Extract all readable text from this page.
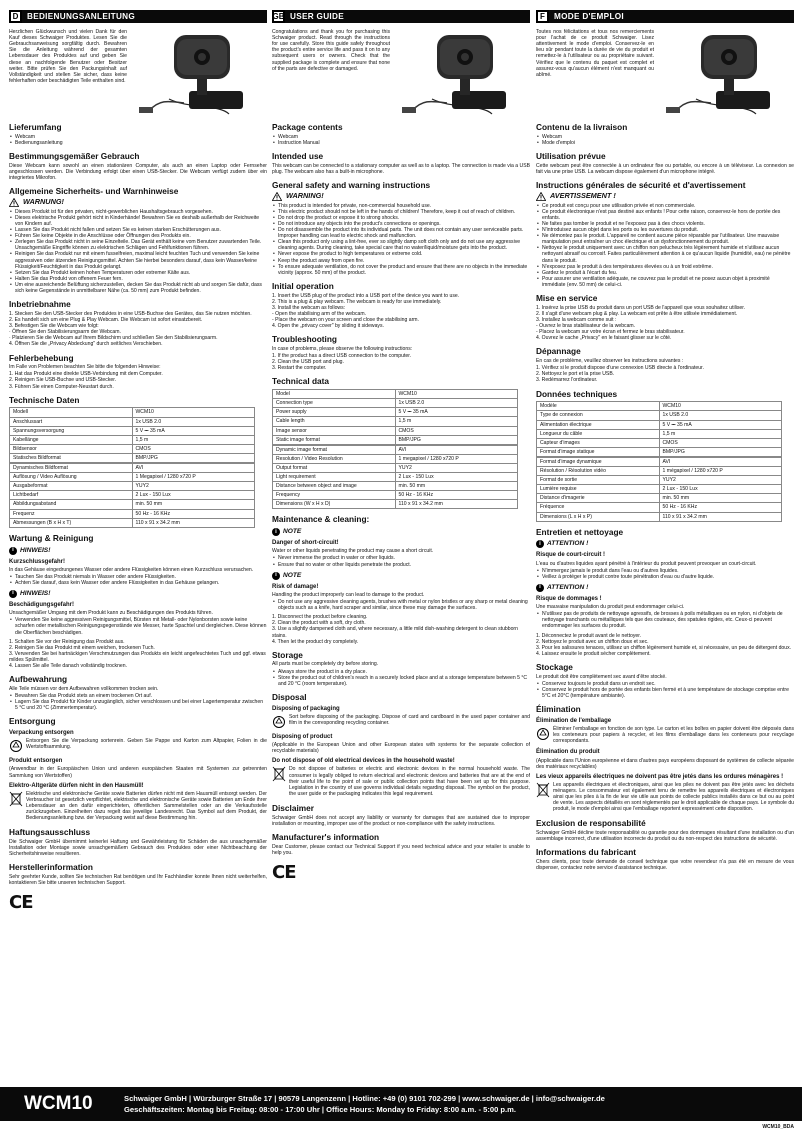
D	BEDIENUNGSANLEITUNG

Herzlichen Glückwunsch und vielen Dank für den Kauf dieses Schwaiger Produktes. Lesen Sie die Gebrauchsanweisung sorgfältig durch. Bewahren Sie die Anleitung während der gesamten Lebensdauer des Produktes auf und geben Sie diese an nachfolgende Benutzer oder Besitzer weiter. Bitte prüfen Sie den Packungsinhalt auf Vollständigkeit und stellen Sie sicher, dass keine fehlerhaften oder beschädigten Teile enthalten sind.

Lieferumfang
• Webcam
• Bedienungsanleitung
Bestimmungsgemäßer Gebrauch

Diese Webcam kann sowohl an einen stationären Computer, als auch an einen Laptop oder Fernseher angeschlossen werden. Die Verbindung erfolgt über einen USB-Stecker. Die Webcam verfügt zudem über ein integriertes Mikrofon.

Allgemeine Sicherheits- und Warnhinweise
WARNUNG!
• Dieses Produkt ist für den privaten, nicht-gewerblichen Haushaltsgebrauch vorgesehen.
• Dieses elektrische Produkt gehört nicht in Kinderhände! Bewahren Sie es deshalb außerhalb der Reichweite von Kindern auf.
• Lassen Sie das Produkt nicht fallen und setzen Sie es keinen starken Erschütterungen aus.
• Führen Sie keine Objekte in die Anschlüsse oder Öffnungen des Produkts ein.
• Zerlegen Sie das Produkt nicht in seine Einzelteile. Das Gerät enthält keine vom Benutzer zuwartenden Teile. Unsachgemäße Eingriffe können zu elektrischen Schlägen und Fehlfunktionen führen.
• Reinigen Sie das Produkt nur mit einem fusselfreien, maximal leicht feuchten Tuch und verwenden Sie keine aggressiven oder ätzenden Reinigungsmittel. Achten Sie hierbei besonders darauf, dass kein Wasser/keine Flüssigkeit/Feuchtigkeit in das Produkt gelangt.
• Setzen Sie das Produkt keinen hohen Temperaturen oder extremer Kälte aus.
• Halten Sie das Produkt von offenem Feuer fern.
• Um eine ausreichende Belüftung sicherzustellen, decken Sie das Produkt nicht ab und sorgen Sie dafür, dass sich keine Gegenstände in unmittelbarer Nähe (ca. 50 mm) zum Produkt befinden.
Inbetriebnahme
1. Stecken Sie den USB-Stecker des Produktes in eine USB-Buchse des Gerätes, das Sie nutzen möchten.
2. Es handelt sich um eine Plug & Play Webcam. Die Webcam ist sofort einsatzbereit.
3. Befestigen Sie die Webcam wie folgt:
· Öffnen Sie den Stabilisierungsarm der Webcam.
· Platzieren Sie die Webcam auf Ihrem Bildschirm und schließen Sie den Stabilisierungsarm.
4. Öffnen Sie die „Privacy Abdeckung" durch seitliches Verschieben.
Fehlerbehebung

Im Falle von Problemen beachten Sie bitte die folgenden Hinweise:

1. Hat das Produkt eine direkte USB-Verbindung mit dem Computer.
2. Reinigen Sie USB-Buchse und USB-Stecker.
3. Führen Sie einen Computer-Neustart durch.
Technische Daten
Modell	WCM10
Anschlussart	1x USB 2.0
Spannungsversorgung	5 V ⎓ 35 mA
Kabellänge	1,5 m
Bildsensor	CMOS
Statisches Bildformat	BMP/JPG
Dynamisches Bildformat	AVI
Auflösung / Video Auflösung	1 Megapixel / 1280 x720 P
Ausgabeformat	YUY2
Lichtbedarf	2 Lux - 150 Lux
Abbildungsabstand	min. 50 mm
Frequenz	50 Hz - 16 KHz
Abmessungen (B x H x T)	110 x 91 x 34.2 mm
Wartung & Reinigung
i HINWEIS!
Kurzschlussgefahr!

In das Gehäuse eingedrungenes Wasser oder andere Flüssigkeiten können einen Kurzschluss verursachen.

• Tauchen Sie das Produkt niemals in Wasser oder andere Flüssigkeiten.
• Achten Sie darauf, dass kein Wasser oder andere Flüssigkeiten in das Gehäuse gelangen.
i HINWEIS!
Beschädigungsgefahr!

Unsachgemäßer Umgang mit dem Produkt kann zu Beschädigungen des Produkts führen.

• Verwenden Sie keine aggressiven Reinigungsmittel, Bürsten mit Metall- oder Nylonborsten sowie keine scharfen oder metallischen Reinigungsgegenstände wie Messer, harte Spachtel und dergleichen. Diese können die Oberflächen beschädigen.
1. Schalten Sie vor der Reinigung das Produkt aus.
2. Reinigen Sie das Produkt mit einem weichen, trockenen Tuch.
3. Verwenden Sie bei hartnäckigen Verschmutzungen das Produkts ein leicht angefeuchtetes Tuch und ggf. etwas mildes Spülmittel.
4. Lassen Sie alle Teile danach vollständig trocknen.
Aufbewahrung

Alle Teile müssen vor dem Aufbewahren vollkommen trocken sein.

• Bewahren Sie das Produkt stets an einem trockenen Ort auf.
• Lagern Sie das Produkt für Kinder unzugänglich, sicher verschlossen und bei einer Lagertemperatur zwischen 5 °C und 20 °C (Zimmertemperatur).
Entsorgung
Verpackung entsorgen

Entsorgen Sie die Verpackung sortenrein. Geben Sie Pappe und Karton zum Altpapier, Folien in die Wertstoffsammlung.

Produkt entsorgen

(Anwendbar in der Europäischen Union und anderen europäischen Staaten mit Systemen zur getrennten Sammlung von Wertstoffen)

Elektro-Altgeräte dürfen nicht in den Hausmüll!

Elektrische und elektronische Geräte sowie Batterien dürfen nicht mit dem Hausmüll entsorgt werden. Der Verbraucher ist gesetzlich verpflichtet, elektrische und elektronische Geräte sowie Batterien am Ende ihrer Lebensdauer an den dafür eingerichteten, öffentlichen Sammelstellen oder an die Verkaufsstelle zurückzugeben. Einzelheiten dazu regelt das jeweilige Landesrecht. Das Symbol auf dem Produkt, der Bedienungsanleitung bzw. der Verpackung weist auf diese Bestimmung hin.

Haftungsausschluss

Die Schwaiger GmbH übernimmt keinerlei Haftung und Gewährleistung für Schäden die aus unsachgemäßer Installation oder Montage sowie unsachgemäßem Gebrauch des Produktes oder einer Nichtbeachtung der Sicherheitshinweise resultieren.

Herstellerinformation

Sehr geehrter Kunde, sollten Sie technischen Rat benötigen und Ihr Fachhändler konnte Ihnen nicht weiterhelfen, kontaktieren Sie bitte unseren technischen Support.

CE
GB USER GUIDE

Congratulations and thank you for purchasing this Schwaiger product. Read through the instructions for use carefully. Store this guide safely throughout the product's entire service life and pass it on to any subsequent users or owners. Check that the supplied package is complete and ensure that none of the parts are defective or damaged.

Package contents
• Webcam
• Instruction Manual
Intended use

This webcam can be connected to a stationary computer as well as to a laptop. The connection is made via a USB plug. The webcam also has a built-in microphone.

General safety and warning instructions
WARNING!
• This product is intended for private, non-commercial household use.
• This electric product should not be left in the hands of children! Therefore, keep it out of reach of children.
• Do not drop the product or expose it to strong shocks.
• Do not introduce any objects into the product's connections or openings.
• Do not disassemble the product into its individual parts. The unit does not contain any user serviceable parts. Improper handling can lead to electric shock and malfunction.
• Clean this product only using a lint-free, ever so slightly damp soft cloth only and do not use any aggressive cleaning agents. During cleaning, take special care that no water/liquid/moisture gets into the product.
• Never expose the product to high temperatures or extreme cold.
• Keep the product away from open fire.
• To ensure adequate ventilation, do not cover the product and ensure that there are no objects in the immediate vicinity (approx. 50 mm) of the product.
Initial operation
1. Insert the USB plug of the product into a USB port of the device you want to use.
2. This is a plug & play webcam. The webcam is ready for use immediately.
3. Install the webcam as follows:
- Open the stabilising arm of the webcam.
- Place the webcam on your screen and close the stabilising arm.
4. Open the „privacy cover" by sliding it sideways.
Troubleshooting

In case of problems, please observe the following instructions:

1. If the product has a direct USB connection to the computer.
2. Clean the USB port and plug.
3. Restart the computer.
Technical data
Model	WCM10
Connection type	1x USB 2.0
Power supply	5 V ⎓ 35 mA
Cable length	1,5 m
Image sensor	CMOS
Static image format	BMP/JPG
Dynamic image format	AVI
Resolution / Video Resolution	1 megapixel / 1280 x720 P
Output format	YUY2
Light requirement	2 Lux - 150 Lux
Distance between object and image	min. 50 mm
Frequency	50 Hz - 16 KHz
Dimensions (W x H x D)	110 x 91 x 34.2 mm
Maintenance & cleaning:
i NOTE
Danger of short-circuit!

Water or other liquids penetrating the product may cause a short circuit.

• Never immerse the product in water or other liquids.
• Ensure that no water or other liquids penetrate the product.
i NOTE
Risk of damage!

Handling the product improperly can lead to damage to the product.

• Do not use any aggressive cleaning agents, brushes with metal or nylon bristles or any sharp or metal cleaning objects such as a knife, hard scraper and similar, since these may damage the surfaces.
1. Disconnect the product before cleaning.
2. Clean the product with a soft, dry cloth.
3. Use a slightly dampened cloth and, where necessary, a little mild dish-washing detergent to clean stubborn stains.
4. Then let the product dry completely.
Storage

All parts must be completely dry before storing.

• Always store the product in a dry place.
• Store the product out of children's reach in a securely locked place and at a storage temperature between 5 °C and 20 °C (room temperature).
Disposal
Disposing of packaging

Sort before disposing of the packaging. Dispose of card and cardboard in the used paper container and film in the corresponding recycling container.

Disposing of product

(Applicable in the European Union and other European states with systems for the separate collection of recyclable materials)

Do not dispose of old electrical devices in the household waste!

Do not dispose of batteries or electric and electronic devices in the normal household waste. The consumer is legally obliged to return electrical and electronic devices and batteries that are at the end of their useful life to the point of sale or public collection points that have been set up for this purpose. Legislation in the country of use governs individual details regarding disposal. The symbol on the product, the user guide or the packaging indicates this legal requirement.

Disclaimer

Schwaiger GmbH does not accept any liability or warranty for damages that are sustained due to improper installation or mounting, improper use of the product or non-compliance with the safety instructions.

Manufacturer's information

Dear Customer, please contact our Technical Support if you need technical advice and your retailer is unable to help you.

CE
F	MODE D'EMPLOI

Toutes nos félicitations et tous nos remerciements pour l'achat de ce produit Schwaiger. Lisez attentivement le mode d'emploi. Conservez-le en lieu sûr pendant toute la durée de vie du produit et remettez-le à l'utilisateur ou au propriétaire suivant. Vérifiez que le contenu du paquet est complet et assurez-vous qu'aucun élément n'est manquant ou abîmé.

Contenu de la livraison
• Webcam
• Mode d'emploi
Utilisation prévue

Cette webcam peut être connectée à un ordinateur fixe ou portable, ou encore à un téléviseur. La connexion se fait via une prise USB. La webcam dispose également d'un microphone intégré.

Instructions générales de sécurité et d'avertissement
AVERTISSEMENT !
• Ce produit est conçu pour une utilisation privée et non commerciale.
• Ce produit électronique n'est pas destiné aux enfants ! Pour cette raison, conservez-le hors de portée des enfants.
• Ne faites pas tomber le produit et ne l'exposez pas à des chocs violents.
• N'introduisez aucun objet dans les ports ou les ouvertures du produit.
• Ne démontez pas le produit. L'appareil ne contient aucune pièce réparable par l'utilisateur. Une mauvaise manipulation peut entraîner un choc électrique et un dysfonctionnement du produit.
• Nettoyez le produit uniquement avec un chiffon non pelucheux très légèrement humide et n'utilisez aucun nettoyant abrasif ou corrosif. Faites particulièrement attention à ce qu'aucun liquide (humidité, eau) ne pénètre dans le produit.
• N'exposez pas le produit à des températures élevées ou à un froid extrême.
• Gardez le produit à l'écart du feu.
• Pour assurer une ventilation adéquate, ne couvrez pas le produit et ne posez aucun objet à proximité immédiate (env. 50 mm) de celui-ci.
Mise en service
1. Insérez la prise USB du produit dans un port USB de l'appareil que vous souhaitez utiliser.
2. Il s'agit d'une webcam plug & play. La webcam est prête à être utilisée immédiatement.
3. Installez la webcam comme suit :
- Ouvrez le bras stabilisateur de la webcam.
- Placez la webcam sur votre écran et fermez le bras stabilisateur.
4. Ouvrez le cache „Privacy" en le faisant glisser sur le côté.
Dépannage

En cas de problème, veuillez observer les instructions suivantes :

1. Vérifiez si le produit dispose d'une connexion USB directe à l'ordinateur.
2. Nettoyez le port et la prise USB.
3. Redémarrez l'ordinateur.
Données techniques
Modèle	WCM10
Type de connexion	1x USB 2.0
Alimentation électrique	5 V ⎓ 35 mA
Longueur du câble	1,5 m
Capteur d'images	CMOS
Format d'image statique	BMP/JPG
Format d'image dynamique	AVI
Résolution / Résolution vidéo	1 mégapixel / 1280 x720 P
Format de sortie	YUY2
Lumière requise	2 Lux - 150 Lux
Distance d'imagerie	min. 50 mm
Fréquence	50 Hz - 16 KHz
Dimensions (L x H x P)	110 x 91 x 34.2 mm
Entretien et nettoyage
i ATTENTION !
Risque de court-circuit !

L'eau ou d'autres liquides ayant pénétré à l'intérieur du produit peuvent provoquer un court-circuit.

• N'immergez jamais le produit dans l'eau ou d'autres liquides.
• Veillez à protéger le produit contre toute pénétration d'eau ou d'autre liquide.
i ATTENTION !
Risque de dommages !

Une mauvaise manipulation du produit peut endommager celui-ci.

• N'utilisez pas de produits de nettoyage agressifs, de brosses à poils métalliques ou en nylon, ni d'objets de nettoyage tranchants ou métalliques tels que des couteaux, des spatules rigides, etc. Ceux-ci peuvent endommager les surfaces du produit.
1. Déconnectez le produit avant de le nettoyer.
2. Nettoyez le produit avec un chiffon doux et sec.
3. Pour les salissures tenaces, utilisez un chiffon légèrement humide et, si nécessaire, un peu de détergent doux.
4. Laissez ensuite le produit sécher complètement.
Stockage

Le produit doit être complètement sec avant d'être stocké.

• Conservez toujours le produit dans un endroit sec.
• Conservez le produit hors de portée des enfants bien fermé et à une température de stockage comprise entre 5°C et 20°C (température ambiante).
Élimination
Élimination de l'emballage

Éliminer l'emballage en fonction de son type. Le carton et les boîtes en papier doivent être déposés dans les conteneurs pour papiers à recycler, et les films d'emballage dans les conteneurs pour recyclage correspondants.

Élimination du produit

(Applicable dans l'Union européenne et dans d'autres pays européens disposant de systèmes de collecte séparée des matériaux recyclables)

Les vieux appareils électriques ne doivent pas être jetés dans les ordures ménagères !

Les appareils électriques et électroniques, ainsi que les piles ne doivent pas être jetés avec les déchets ménagers. Le consommateur est également tenu de remettre les appareils électriques et électroniques ainsi que les piles à la fin de leur vie utile aux points de collecte publics installés dans ce but ou au point de vente. Les aspects détaillés en sont réglementés par le droit applicable de chaque pays. Le symbole du produit, le mode d'emploi ainsi que l'emballage reportent expressément cette disposition.

Exclusion de responsabilité

Schwaiger GmbH décline toute responsabilité ou garantie pour des dommages résultant d'une installation ou d'un assemblage incorrect, d'une utilisation incorrecte du produit ou du non-respect des instructions de sécurité.

Informations du fabricant

Chers clients, pour toute demande de conseil technique que votre revendeur n'a pas été en mesure de vous dispenser, contactez notre service d'assistance technique.

WCM10	Schwaiger GmbH | Würzburger Straße 17 | 90579 Langenzenn | Hotline: +49 (0) 9101 702-299 | www.schwaiger.de | info@schwaiger.de
Geschäftszeiten: Montag bis Freitag: 08:00 - 17:00 Uhr | Office Hours: Monday to Friday: 8:00 a.m. - 5:00 p.m.
WCM10_BDA
